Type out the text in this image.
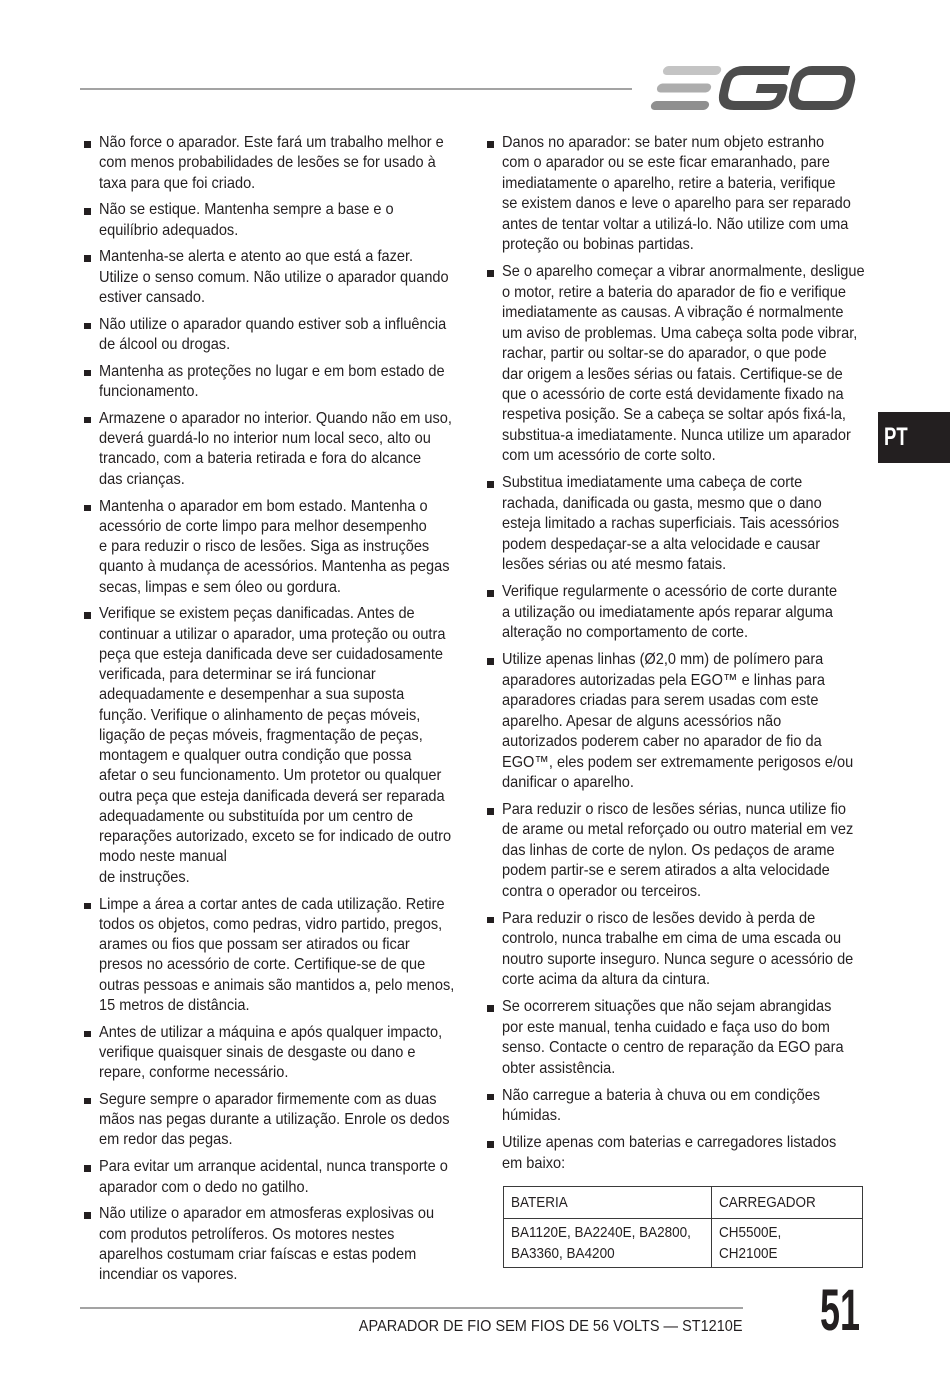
PT
Não force o aparador. Este fará um trabalho melhor e
com menos probabilidades de lesões se for usado à
taxa para que foi criado.
Não se estique. Mantenha sempre a base e o
equilíbrio adequados.
Mantenha-se alerta e atento ao que está a fazer.
Utilize o senso comum. Não utilize o aparador quando
estiver cansado.
Não utilize o aparador quando estiver sob a influência
de álcool ou drogas.
Mantenha as proteções no lugar e em bom estado de
funcionamento.
Armazene o aparador no interior. Quando não em uso,
deverá guardá-lo no interior num local seco, alto ou
trancado, com a bateria retirada e fora do alcance
das crianças.
Mantenha o aparador em bom estado. Mantenha o
acessório de corte limpo para melhor desempenho
e para reduzir o risco de lesões. Siga as instruções
quanto à mudança de acessórios. Mantenha as pegas
secas, limpas e sem óleo ou gordura.
Verifique se existem peças danificadas. Antes de
continuar a utilizar o aparador, uma proteção ou outra
peça que esteja danificada deve ser cuidadosamente
verificada, para determinar se irá funcionar
adequadamente e desempenhar a sua suposta
função. Verifique o alinhamento de peças móveis,
ligação de peças móveis, fragmentação de peças,
montagem e qualquer outra condição que possa
afetar o seu funcionamento. Um protetor ou qualquer
outra peça que esteja danificada deverá ser reparada
adequadamente ou substituída por um centro de
reparações autorizado, exceto se for indicado de outro
modo neste manual
de instruções.
Limpe a área a cortar antes de cada utilização. Retire
todos os objetos, como pedras, vidro partido, pregos,
arames ou fios que possam ser atirados ou ficar
presos no acessório de corte. Certifique-se de que
outras pessoas e animais são mantidos a, pelo menos,
15 metros de distância.
Antes de utilizar a máquina e após qualquer impacto,
verifique quaisquer sinais de desgaste ou dano e
repare, conforme necessário.
Segure sempre o aparador firmemente com as duas
mãos nas pegas durante a utilização. Enrole os dedos
em redor das pegas.
Para evitar um arranque acidental, nunca transporte o
aparador com o dedo no gatilho.
Não utilize o aparador em atmosferas explosivas ou
com produtos petrolíferos. Os motores nestes
aparelhos costumam criar faíscas e estas podem
incendiar os vapores.
Danos no aparador: se bater num objeto estranho
com o aparador ou se este ficar emaranhado, pare
imediatamente o aparelho, retire a bateria, verifique
se existem danos e leve o aparelho para ser reparado
antes de tentar voltar a utilizá-lo. Não utilize com uma
proteção ou bobinas partidas.
Se o aparelho começar a vibrar anormalmente, desligue
o motor, retire a bateria do aparador de fio e verifique
imediatamente as causas. A vibração é normalmente
um aviso de problemas. Uma cabeça solta pode vibrar,
rachar, partir ou soltar-se do aparador, o que pode
dar origem a lesões sérias ou fatais. Certifique-se de
que o acessório de corte está devidamente fixado na
respetiva posição. Se a cabeça se soltar após fixá-la,
substitua-a imediatamente. Nunca utilize um aparador
com um acessório de corte solto.
Substitua imediatamente uma cabeça de corte
rachada, danificada ou gasta, mesmo que o dano
esteja limitado a rachas superficiais. Tais acessórios
podem despedaçar-se a alta velocidade e causar
lesões sérias ou até mesmo fatais.
Verifique regularmente o acessório de corte durante
a utilização ou imediatamente após reparar alguma
alteração no comportamento de corte.
Utilize apenas linhas (Ø2,0 mm) de polímero para
aparadores autorizadas pela EGO™ e linhas para
aparadores criadas para serem usadas com este
aparelho. Apesar de alguns acessórios não
autorizados poderem caber no aparador de fio da
EGO™, eles podem ser extremamente perigosos e/ou
danificar o aparelho.
Para reduzir o risco de lesões sérias, nunca utilize fio
de arame ou metal reforçado ou outro material em vez
das linhas de corte de nylon. Os pedaços de arame
podem partir-se e serem atirados a alta velocidade
contra o operador ou terceiros.
Para reduzir o risco de lesões devido à perda de
controlo, nunca trabalhe em cima de uma escada ou
noutro suporte inseguro. Nunca segure o acessório de
corte acima da altura da cintura.
Se ocorrerem situações que não sejam abrangidas
por este manual, tenha cuidado e faça uso do bom
senso. Contacte o centro de reparação da EGO para
obter assistência.
Não carregue a bateria à chuva ou em condições
húmidas.
Utilize apenas com baterias e carregadores listados
em baixo:
BATERIA	CARREGADOR
BA1120E, BA2240E, BA2800,
BA3360, BA4200	CH5500E,
CH2100E
APARADOR DE FIO SEM FIOS DE 56 VOLTS — ST1210E 51
